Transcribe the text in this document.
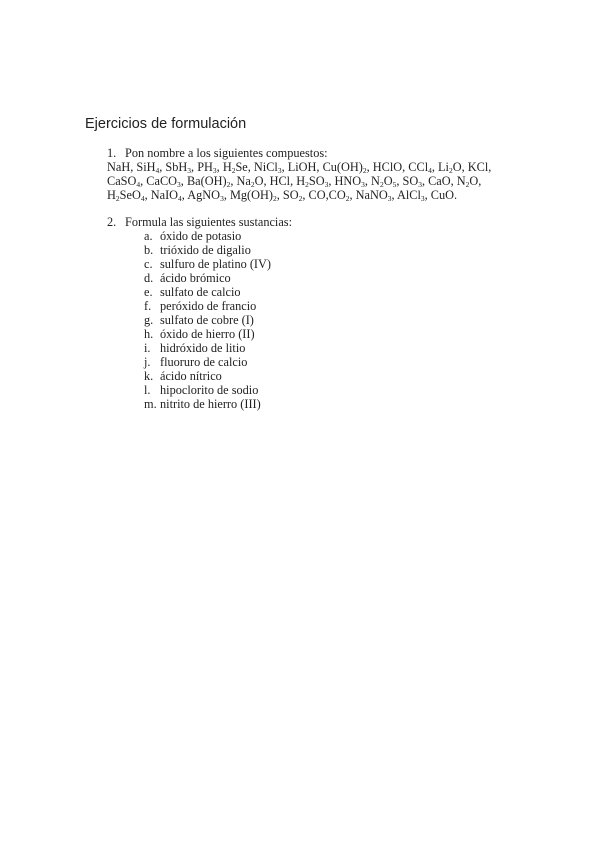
Ejercicios de formulación
1. Pon nombre a los siguientes compuestos:
NaH, SiH$_4$, SbH$_3$, $PH_3$, $H_2Se$, NiCl$_3$, LiOH, $Cu(OH)_2$, HClO, CCl$_4$, $Li_2O$, KCl,
CaSO$_4$, CaCO$_3$, $Ba(OH)_2$, $Na_2O$, HCl, $H_2SO_3$, $HNO_3$, $N_2O_5$, $SO_3$, CaO, $N_2O$,
$H_2SeO_4$, NaIO$_4$, AgNO$_3$, $Mg(OH)_2$, $SO_2$, $CO,CO_2$, NaNO$_3$, AlCl$_3$, CuO.
2. Formula las siguientes sustancias:
a. óxido de potasio
b. trióxido de digalio
c. sulfuro de platino (IV)
d. ácido brómico
e. sulfato de calcio
f. peróxido de francio
g. sulfato de cobre (I)
h. óxido de hierro (II)
i. hidróxido de litio
j. fluoruro de calcio
k. ácido nítrico
l. hipoclorito de sodio
m. nitrito de hierro (III)
